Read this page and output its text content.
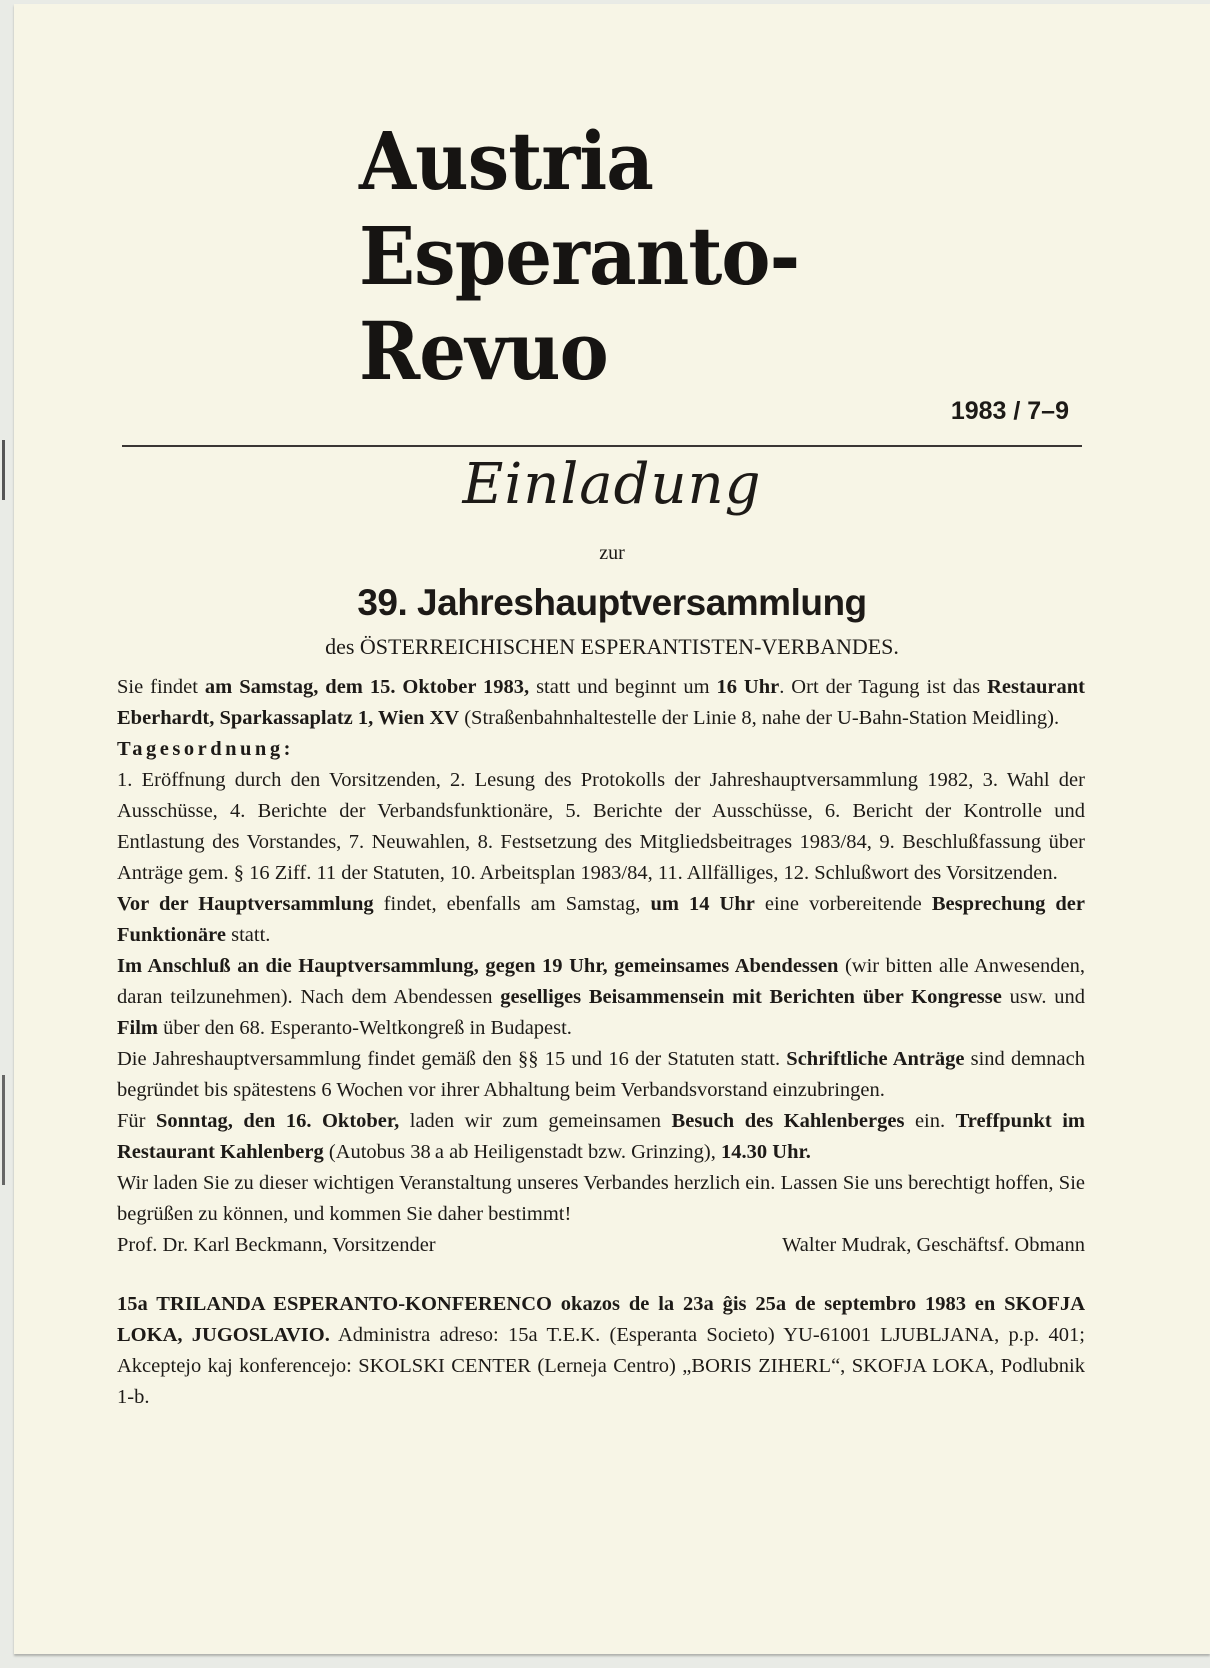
Austria
Esperanto-
Revuo
1983 / 7–9
Einladung
zur
39. Jahreshauptversammlung
des ÖSTERREICHISCHEN ESPERANTISTEN-VERBANDES.

Sie findet am Samstag, dem 15. Oktober 1983, statt und beginnt um 16 Uhr. Ort der Tagung ist das Restaurant Eberhardt, Sparkassaplatz 1, Wien XV (Straßenbahnhaltestelle der Linie 8, nahe der U-Bahn-Station Meidling).

Tagesordnung:

1. Eröffnung durch den Vorsitzenden, 2. Lesung des Protokolls der Jahreshauptversammlung 1982, 3. Wahl der Ausschüsse, 4. Berichte der Verbandsfunktionäre, 5. Berichte der Ausschüsse, 6. Bericht der Kontrolle und Entlastung des Vorstandes, 7. Neuwahlen, 8. Festsetzung des Mitgliedsbeitrages 1983/84, 9. Beschlußfassung über Anträge gem. § 16 Ziff. 11 der Statuten, 10. Arbeitsplan 1983/84, 11. Allfälliges, 12. Schlußwort des Vorsitzenden.

Vor der Hauptversammlung findet, ebenfalls am Samstag, um 14 Uhr eine vorbereitende Besprechung der Funktionäre statt.

Im Anschluß an die Hauptversammlung, gegen 19 Uhr, gemeinsames Abendessen (wir bitten alle Anwesenden, daran teilzunehmen). Nach dem Abendessen geselliges Beisammensein mit Berichten über Kongresse usw. und Film über den 68. Esperanto-Weltkongreß in Budapest.

Die Jahreshauptversammlung findet gemäß den §§ 15 und 16 der Statuten statt. Schriftliche Anträge sind demnach begründet bis spätestens 6 Wochen vor ihrer Abhaltung beim Verbandsvorstand einzubringen.

Für Sonntag, den 16. Oktober, laden wir zum gemeinsamen Besuch des Kahlenberges ein. Treffpunkt im Restaurant Kahlenberg (Autobus 38 a ab Heiligenstadt bzw. Grinzing), 14.30 Uhr.

Wir laden Sie zu dieser wichtigen Veranstaltung unseres Verbandes herzlich ein. Lassen Sie uns berechtigt hoffen, Sie begrüßen zu können, und kommen Sie daher bestimmt!

Prof. Dr. Karl Beckmann, Vorsitzender	Walter Mudrak, Geschäftsf. Obmann

15a TRILANDA ESPERANTO-KONFERENCO okazos de la 23a ĝis 25a de septembro 1983 en SKOFJA LOKA, JUGOSLAVIO. Administra adreso: 15a T.E.K. (Esperanta Societo) YU-61001 LJUBLJANA, p.p. 401; Akceptejo kaj konferencejo: SKOLSKI CENTER (Lerneja Centro) „BORIS ZIHERL“, SKOFJA LOKA, Podlubnik 1-b.
